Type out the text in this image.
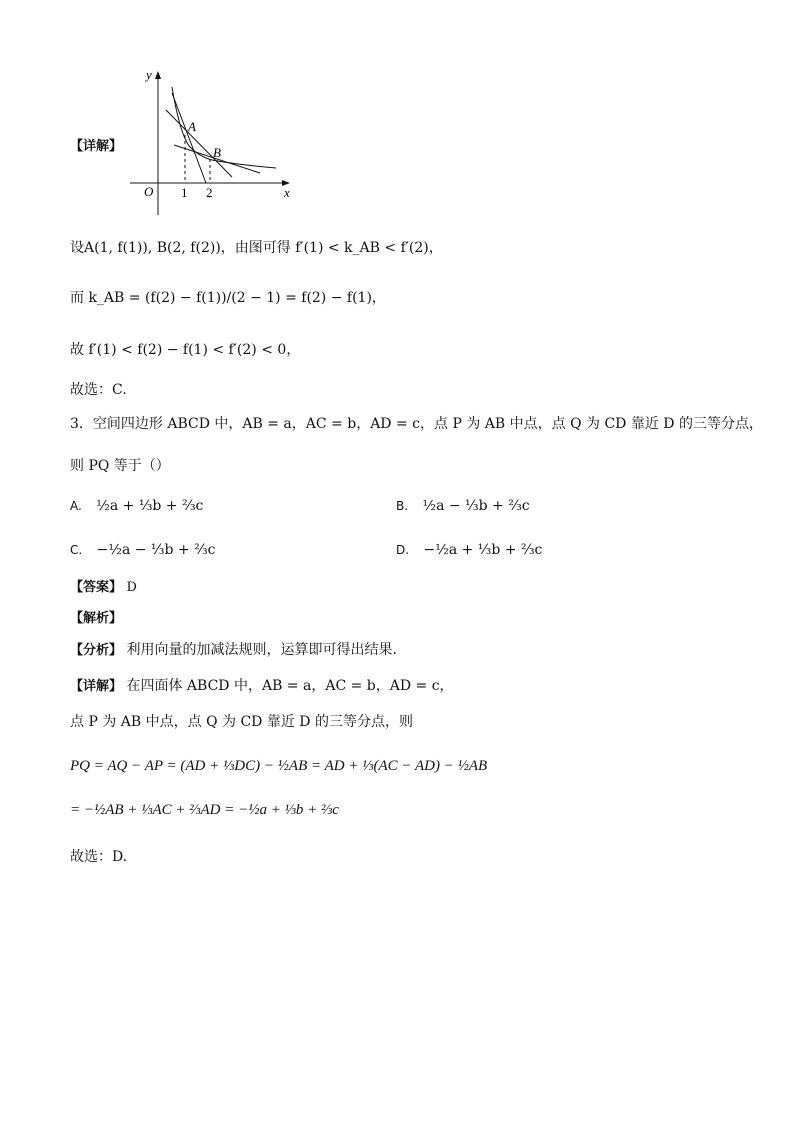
【详解】
y
x
O
A
B
1 2
设A(1, f(1)), B(2, f(2))，由图可得 f′(1) < k_AB < f′(2)，
而 k_AB = (f(2) − f(1))/(2 − 1) = f(2) − f(1)，
故 f′(1) < f(2) − f(1) < f′(2) < 0，
故选：C.
3．空间四边形 ABCD 中，AB = a，AC = b，AD = c，点 P 为 AB 中点，点 Q 为 CD 靠近 D 的三等分点，
则 PQ 等于（）
A. ½a + ⅓b + ⅔c	B. ½a − ⅓b + ⅔c
C. −½a − ⅓b + ⅔c	D. −½a + ⅓b + ⅔c
【答案】 D
【解析】
【分析】 利用向量的加减法规则，运算即可得出结果.
【详解】 在四面体 ABCD 中，AB = a，AC = b，AD = c，
点 P 为 AB 中点，点 Q 为 CD 靠近 D 的三等分点，则
PQ = AQ − AP = (AD + ⅓DC) − ½AB = AD + ⅓(AC − AD) − ½AB
= −½AB + ⅓AC + ⅔AD = −½a + ⅓b + ⅔c
故选：D.
